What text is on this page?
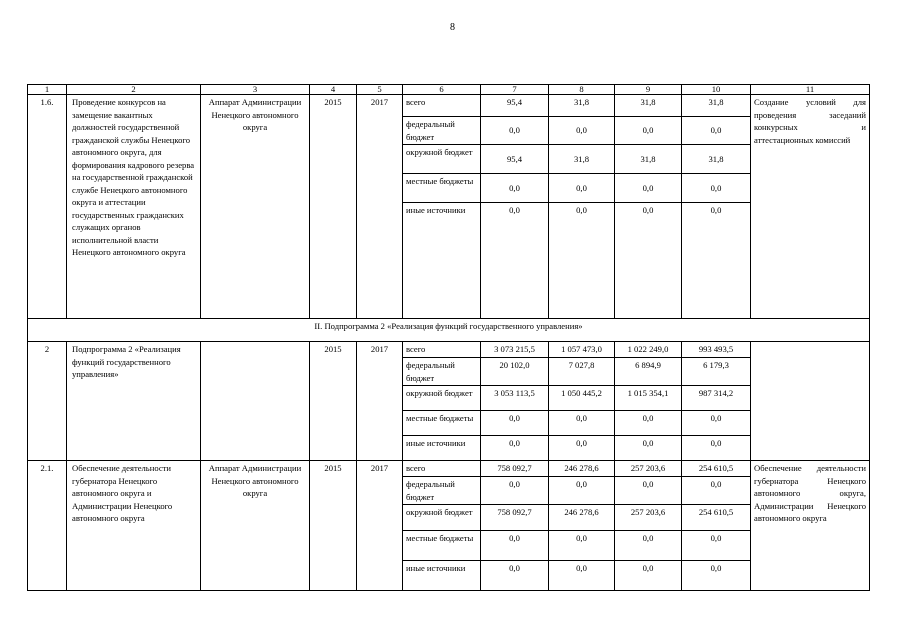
8
1	2	3	4	5	6	7	8	9	10	11
1.6.	Проведение конкурсов на замещение вакантных должностей государственной гражданской службы Ненецкого автономного округа, для формирования кадрового резерва на государственной гражданской службе Ненецкого автономного округа и аттестации государственных гражданских служащих органов исполнительной власти Ненецкого автономного округа	Аппарат Администрации Ненецкого автономного округа	2015	2017	всего	95,4	31,8	31,8	31,8	Создание условий для проведения заседаний конкурсных и аттестационных комиссий
					федеральный бюджет	0,0	0,0	0,0	0,0	
					окружной бюджет	95,4	31,8	31,8	31,8	
					местные бюджеты	0,0	0,0	0,0	0,0	
					иные источники	0,0	0,0	0,0	0,0	
II. Подпрограмма 2 «Реализация функций государственного управления»										
2	Подпрограмма 2 «Реализация функций государственного управления»		2015	2017	всего	3 073 215,5	1 057 473,0	1 022 249,0	993 493,5	
					федеральный бюджет	20 102,0	7 027,8	6 894,9	6 179,3	
					окружной бюджет	3 053 113,5	1 050 445,2	1 015 354,1	987 314,2	
					местные бюджеты	0,0	0,0	0,0	0,0	
					иные источники	0,0	0,0	0,0	0,0	
2.1.	Обеспечение деятельности губернатора Ненецкого автономного округа и Администрации Ненецкого автономного округа	Аппарат Администрации Ненецкого автономного округа	2015	2017	всего	758 092,7	246 278,6	257 203,6	254 610,5	Обеспечение деятельности губернатора Ненецкого автономного округа, Администрации Ненецкого автономного округа
					федеральный бюджет	0,0	0,0	0,0	0,0	
					окружной бюджет	758 092,7	246 278,6	257 203,6	254 610,5	
					местные бюджеты	0,0	0,0	0,0	0,0	
					иные источники	0,0	0,0	0,0	0,0	
